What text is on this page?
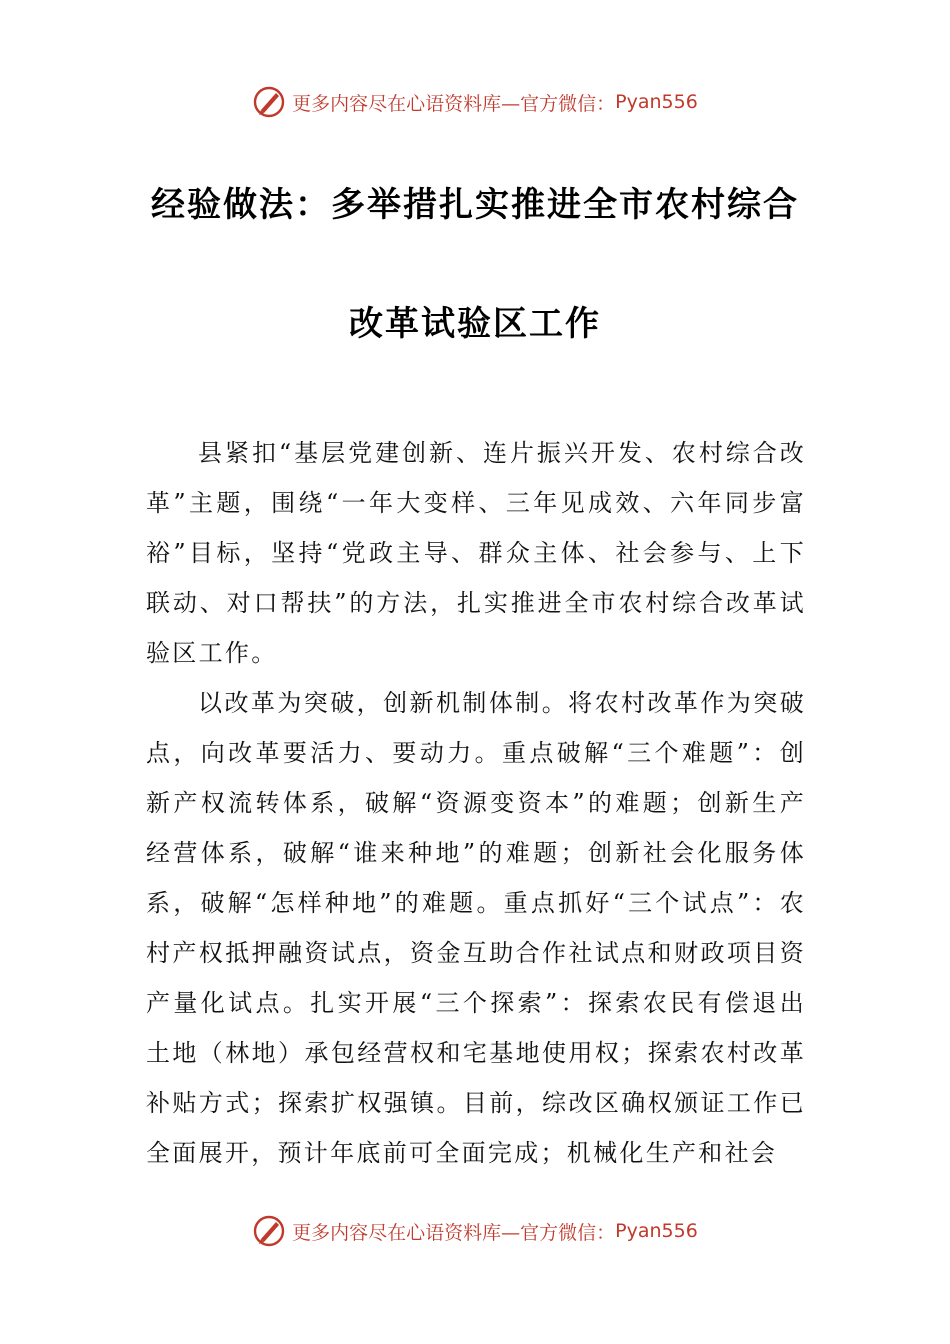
更多内容尽在心语资料库—官方微信： Pyan556
经验做法：多举措扎实推进全市农村综合
改革试验区工作

县紧扣“基层党建创新、连片振兴开发、农村综合改革”主题，围绕“一年大变样、三年见成效、六年同步富裕”目标，坚持“党政主导、群众主体、社会参与、上下联动、对口帮扶”的方法，扎实推进全市农村综合改革试验区工作。

以改革为突破，创新机制体制。将农村改革作为突破点，向改革要活力、要动力。重点破解“三个难题”：创新产权流转体系，破解“资源变资本”的难题；创新生产经营体系，破解“谁来种地”的难题；创新社会化服务体系，破解“怎样种地”的难题。重点抓好“三个试点”：农村产权抵押融资试点，资金互助合作社试点和财政项目资产量化试点。扎实开展“三个探索”：探索农民有偿退出土地（林地）承包经营权和宅基地使用权；探索农村改革补贴方式；探索扩权强镇。目前，综改区确权颁证工作已全面展开，预计年底前可全面完成；机械化生产和社会

更多内容尽在心语资料库—官方微信： Pyan556
